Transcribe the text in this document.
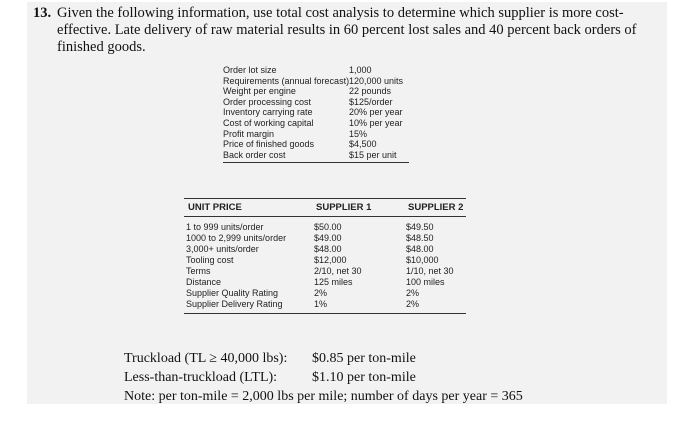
13. Given the following information, use total cost analysis to determine which supplier is more cost-effective. Late delivery of raw material results in 60 percent lost sales and 40 percent back orders of finished goods.
Order lot size	1,000
Requirements (annual forecast) 120,000 units
Weight per engine	22 pounds
Order processing cost	$125/order
Inventory carrying rate	20% per year
Cost of working capital	10% per year
Profit margin	15%
Price of finished goods	$4,500
Back order cost	$15 per unit
UNIT PRICE	SUPPLIER 1	SUPPLIER 2
1 to 999 units/order	$50.00	$49.50
1000 to 2,999 units/order	$49.00	$48.50
3,000+ units/order	$48.00	$48.00
Tooling cost	$12,000	$10,000
Terms	2/10, net 30	1/10, net 30
Distance	125 miles	100 miles
Supplier Quality Rating	2%	2%
Supplier Delivery Rating	1%	2%
Truckload (TL ≥ 40,000 lbs):	$0.85 per ton-mile
Less-than-truckload (LTL):	$1.10 per ton-mile
Note: per ton-mile = 2,000 lbs per mile; number of days per year = 365
